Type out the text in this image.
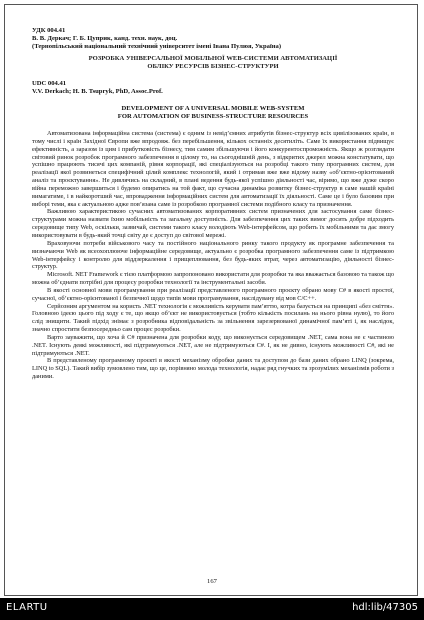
УДК 004.41

В. В. Деркач; Г. Б. Цуприк, канд. техн. наук, доц.

(Тернопільський національний технічний університет імені Івана Пулюя, Україна)

РОЗРОБКА УНІВЕРСАЛЬНОЇ МОБІЛЬНОЇ WEB-СИСТЕМИ АВТОМАТИЗАЦІЇ

ОБЛІКУ РЕСУРСІВ БІЗНЕС-СТРУКТУРИ

UDC 004.41

V.V. Derkach; H. B. Tsupryk, PhD, Assoc.Prof.

DEVELOPMENT OF A UNIVERSAL MOBILE WEB-SYSTEM

FOR AUTOMATION OF BUSINESS-STRUCTURE RESOURCES

Автоматизована інформаційна система (система) є одним із невід’ємних атрибутів бізнес-структур всіх цивілізованих країн, в тому числі і країн Західної Європи вже впродовж. без перебільшення, кількох останніх десятиліть. Саме їх використання підвищує ефективність, а заразом із цим і прибутковість бізнесу, тим самим збільшуючи і його конкурентоспроможність. Якщо ж розглядати світовий ринок розробок програмного забезпечення в цілому то, на сьогоднішній день, з відкритих джерел можна констатувати, що успішно працюють тисячі цих компаній, рівня корпорації, які спеціалізуються на розробці такого типу програмних систем, для реалізації якої розвинеться специфічний цілий комплекс технологій, який і отримав вже вже відому назву «об’єктно-орієнтований аналіз та проєктування». Не дивлячись на складний, в плані ведення будь-якої успішно діяльності час, віримо, що вже дуже скоро війна переможно завершиться і будемо опиратись на той факт, що сучасна динаміка розвитку бізнес-структур в саме нашій країні вимагатиме, і в найкоротший час, впровадження інформаційних систем для автоматизації їх діяльності. Саме це і було базовим при виборі теми, яка є актуальною адже пов’язана саме із розробкою програмної системи подібного класу та призначення.

Важливою характеристикою сучасних автоматизованих корпоративних систем призначених для застосування саме бізнес-структурами можна назвати їхню мобільність та загальну доступність. Для забезпечення цих таких вимог досить добре підходить середовище типу Web, оскільки, зазвичай, системи такого класу володіють Web-інтерфейсом, що робить їх мобільними та дає змогу використовувати в будь-який точці світу де є доступ до світової мережі.

Враховуючи потреби військового часу та постійного національного ринку такого продукту як програмне забезпечення та визначаючи Web як всеохоплююче інформаційне середовище, актуально є розробка програмного забезпечення саме із підтримкою Web-інтерфейсу і контролю для віддзеркалення і прищеплювання, без будь-яких втрат, через автоматизацію, діяльності бізнес-структур.

Microsoft. NET Framework є тією платформою запропоновано використати для розробки та яка вважається базовою та також що можна об’єднати потрібні для процесу розробки технології та інструментальні засоби.

В якості основної мови програмування при реалізації представленого програмного проєкту обрано мову C# в якості простої, сучасної, об’єктно-орієнтованої і безпечної щодо типів мови програмування, наслідувану від мов C/C++.

Серйозним аргументом на користь .NET технологія є можливість керувати пам’яттю, котра базується на принципі «без сміття». Головною ідеєю цього під ходу є те, що якщо об’єкт не використовується (тобто кількість посилань на нього рівна нулю), то його слід знищити. Такий підхід знімає з розробника відповідальність за звільнення зарезервованої динамічної пам’яті і, як наслідок, значно спростити безпосередньо сам процес розробки.

Варто зауважити, що хоча й C# призначена для розробки коду, що виконується середовищем .NET, сама вона не є частиною .NET. Існують деякі можливості, які підтримуються .NET, але не підтримуються C#. І, як не дивно, існують можливості C#, які не підтримуються .NET.

В представленому програмному проєкті в якості механізму обробки даних та доступом до бази даних обрано LINQ (зокрема, LINQ to SQL). Такий вибір зумовлено тим, що це, порівняно молода технологія, надає ряд гнучких та зрозумілих механізмів роботи з даними.

167
ELARTU	hdl:lib/47305
